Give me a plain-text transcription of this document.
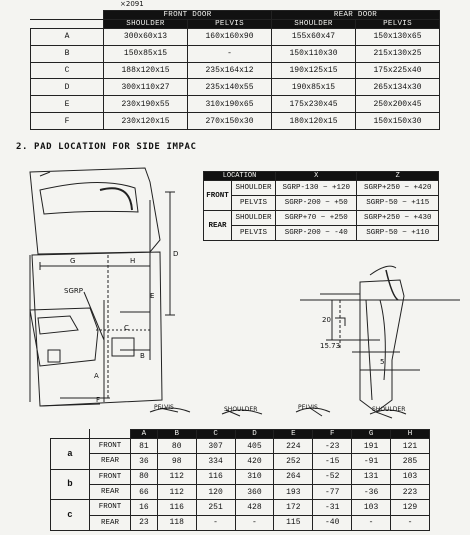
×2091
	FRONT DOOR		REAR DOOR	
	SHOULDER	PELVIS	SHOULDER	PELVIS
A	300x60x13	160x160x90	155x60x47	150x130x65
B	150x85x15	-	150x110x30	215x130x25
C	188x120x15	235x164x12	190x125x15	175x225x40
D	300x110x27	235x140x55	190x85x15	265x134x30
E	230x190x55	310x190x65	175x230x45	250x200x45
F	230x120x15	270x150x30	180x120x15	150x150x30
2. PAD LOCATION FOR SIDE IMPAC
G	H
D
SGRP
E
C
B
A
F
20
15.73
5
PELVIS	SHOULDER	PELVIS	SHOULDER
LOCATION		X	Z
FRONT	SHOULDER	SGRP-130 ~ +120	SGRP+250 ~ +420
	PELVIS	SGRP-200 ~ +50	SGRP-50 ~ +115
REAR	SHOULDER	SGRP+70 ~ +250	SGRP+250 ~ +430
	PELVIS	SGRP-200 ~ -40	SGRP-50 ~ +110
		A	B	C	D	E	F	G	H
a	FRONT	81	80	307	405	224	-23	191	121
	REAR	36	98	334	420	252	-15	-91	285
b	FRONT	80	112	116	310	264	-52	131	103
	REAR	66	112	120	360	193	-77	-36	223
c	FRONT	16	116	251	428	172	-31	103	129
	REAR	23	118	-	-	115	-40	-	-
